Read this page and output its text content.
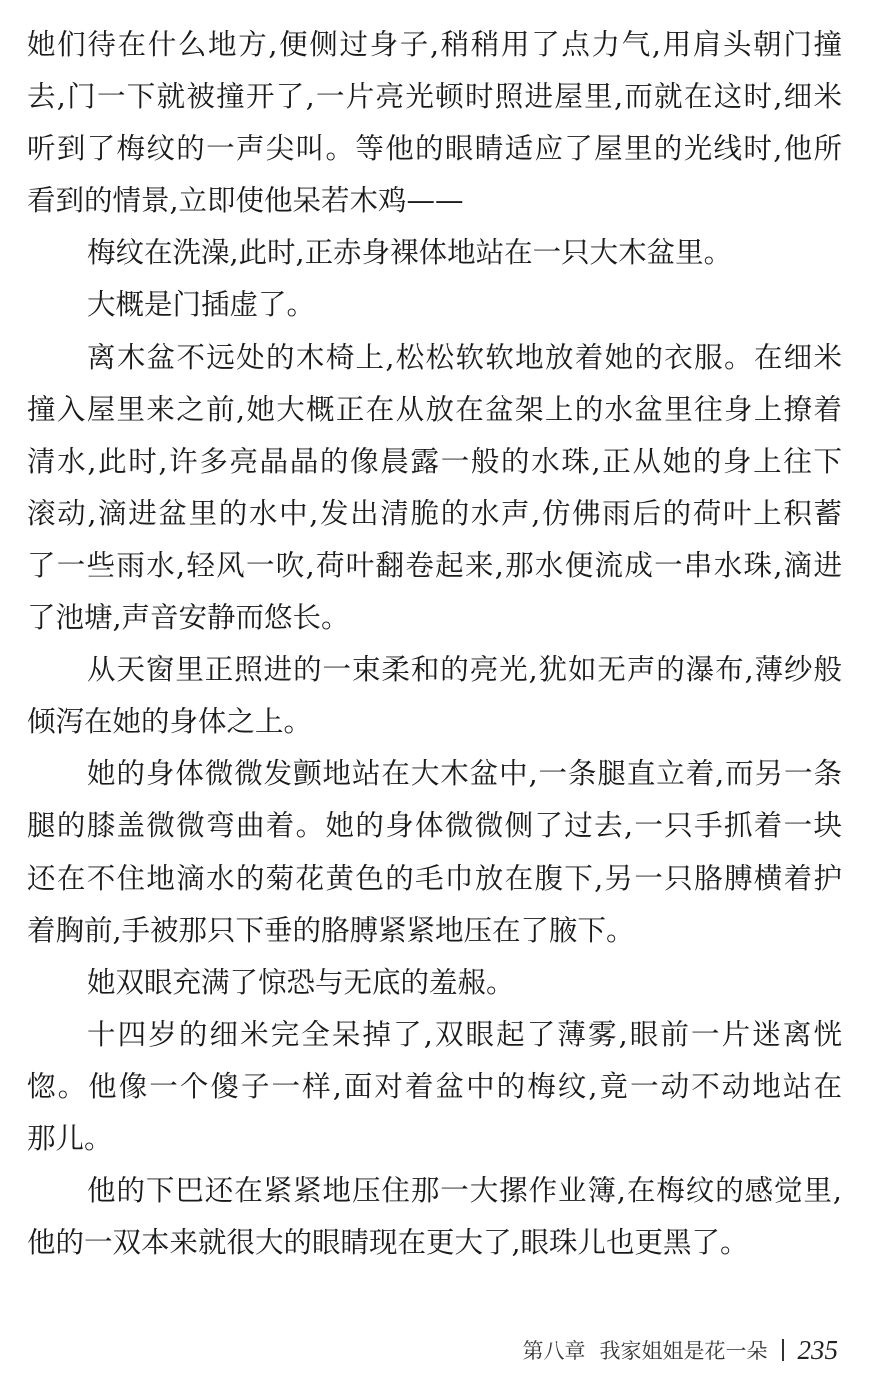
她们待在什么地方,便侧过身子,稍稍用了点力气,用肩头朝门撞
去,门一下就被撞开了,一片亮光顿时照进屋里,而就在这时,细米
听到了梅纹的一声尖叫。等他的眼睛适应了屋里的光线时,他所
看到的情景,立即使他呆若木鸡——
梅纹在洗澡,此时,正赤身裸体地站在一只大木盆里。
大概是门插虚了。
离木盆不远处的木椅上,松松软软地放着她的衣服。在细米
撞入屋里来之前,她大概正在从放在盆架上的水盆里往身上撩着
清水,此时,许多亮晶晶的像晨露一般的水珠,正从她的身上往下
滚动,滴进盆里的水中,发出清脆的水声,仿佛雨后的荷叶上积蓄
了一些雨水,轻风一吹,荷叶翻卷起来,那水便流成一串水珠,滴进
了池塘,声音安静而悠长。
从天窗里正照进的一束柔和的亮光,犹如无声的瀑布,薄纱般
倾泻在她的身体之上。
她的身体微微发颤地站在大木盆中,一条腿直立着,而另一条
腿的膝盖微微弯曲着。她的身体微微侧了过去,一只手抓着一块
还在不住地滴水的菊花黄色的毛巾放在腹下,另一只胳膊横着护
着胸前,手被那只下垂的胳膊紧紧地压在了腋下。
她双眼充满了惊恐与无底的羞赧。
十四岁的细米完全呆掉了,双眼起了薄雾,眼前一片迷离恍
惚。他像一个傻子一样,面对着盆中的梅纹,竟一动不动地站在
那儿。
他的下巴还在紧紧地压住那一大摞作业簿,在梅纹的感觉里,
他的一双本来就很大的眼睛现在更大了,眼珠儿也更黑了。
第八章 我家姐姐是花一朵 235
